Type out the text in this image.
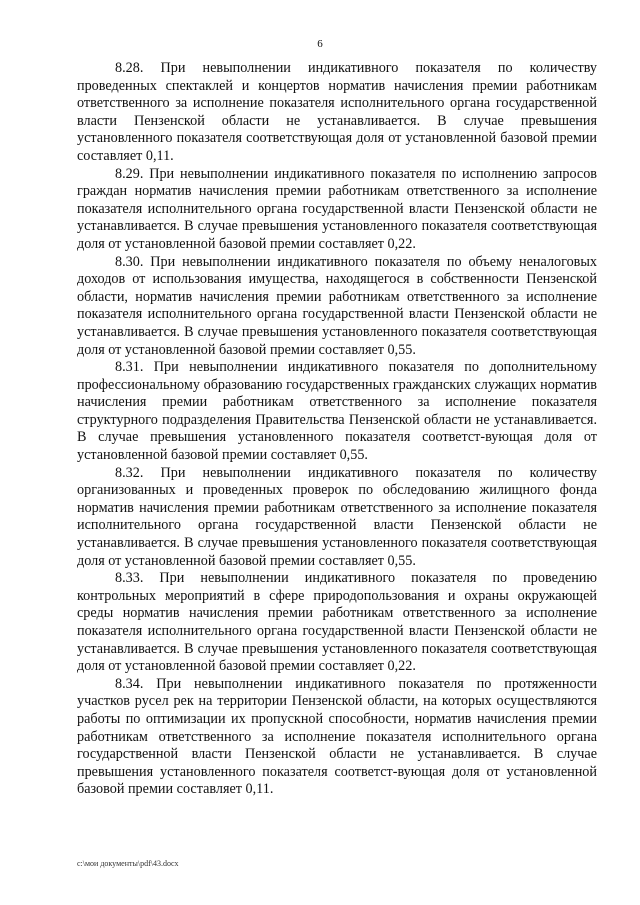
6

8.28. При невыполнении индикативного показателя по количеству проведенных спектаклей и концертов норматив начисления премии работникам ответственного за исполнение показателя исполнительного органа государственной власти Пензенской области не устанавливается. В случае превышения установленного показателя соответствующая доля от установленной базовой премии составляет 0,11.

8.29. При невыполнении индикативного показателя по исполнению запросов граждан норматив начисления премии работникам ответственного за исполнение показателя исполнительного органа государственной власти Пензенской области не устанавливается. В случае превышения установленного показателя соответствующая доля от установленной базовой премии составляет 0,22.

8.30. При невыполнении индикативного показателя по объему неналоговых доходов от использования имущества, находящегося в собственности Пензенской области, норматив начисления премии работникам ответственного за исполнение показателя исполнительного органа государственной власти Пензенской области не устанавливается. В случае превышения установленного показателя соответствующая доля от установленной базовой премии составляет 0,55.

8.31. При невыполнении индикативного показателя по дополнительному профессиональному образованию государственных гражданских служащих норматив начисления премии работникам ответственного за исполнение показателя структурного подразделения Правительства Пензенской области не устанавливается. В случае превышения установленного показателя соответст-вующая доля от установленной базовой премии составляет 0,55.

8.32. При невыполнении индикативного показателя по количеству организованных и проведенных проверок по обследованию жилищного фонда норматив начисления премии работникам ответственного за исполнение показателя исполнительного органа государственной власти Пензенской области не устанавливается. В случае превышения установленного показателя соответствующая доля от установленной базовой премии составляет 0,55.

8.33. При невыполнении индикативного показателя по проведению контрольных мероприятий в сфере природопользования и охраны окружающей среды норматив начисления премии работникам ответственного за исполнение показателя исполнительного органа государственной власти Пензенской области не устанавливается. В случае превышения установленного показателя соответствующая доля от установленной базовой премии составляет 0,22.

8.34. При невыполнении индикативного показателя по протяженности участков русел рек на территории Пензенской области, на которых осуществляются работы по оптимизации их пропускной способности, норматив начисления премии работникам ответственного за исполнение показателя исполнительного органа государственной власти Пензенской области не устанавливается. В случае превышения установленного показателя соответст-вующая доля от установленной базовой премии составляет 0,11.

c:\мои документы\pdf\43.docx
